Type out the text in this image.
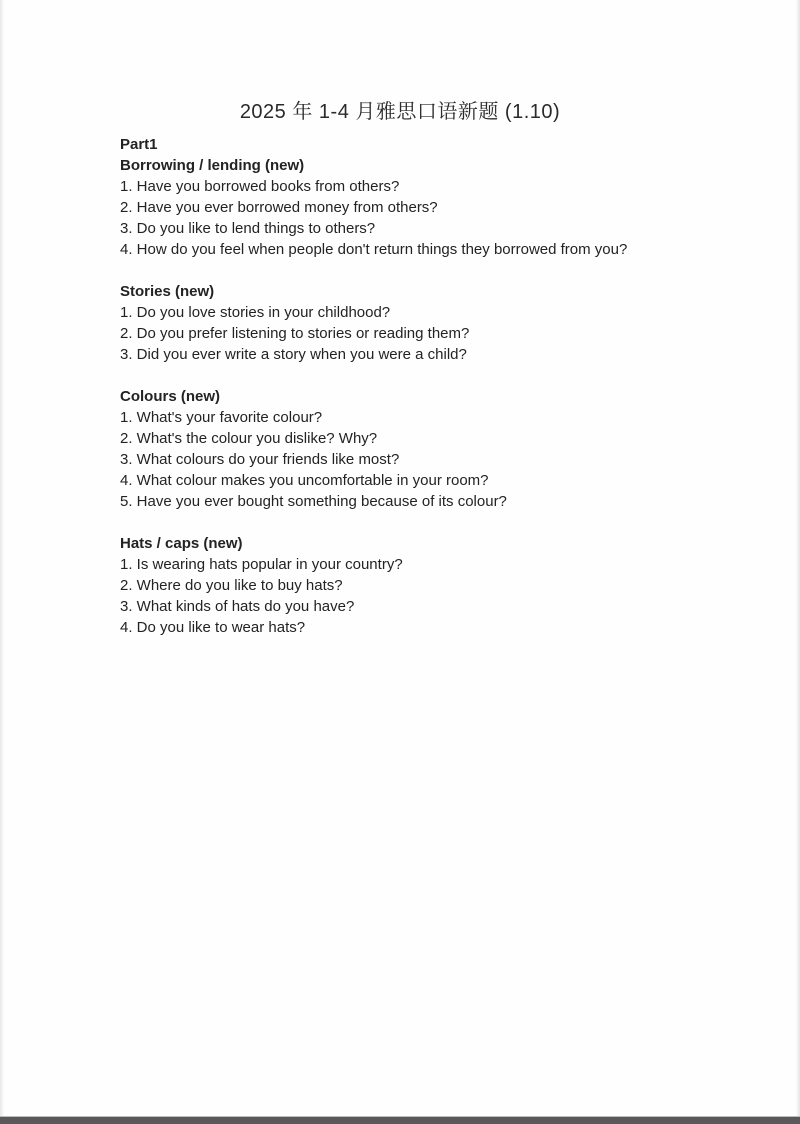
2025 年 1-4 月雅思口语新题 (1.10)
Part1
Borrowing / lending (new)
1. Have you borrowed books from others?
2. Have you ever borrowed money from others?
3. Do you like to lend things to others?
4. How do you feel when people don't return things they borrowed from you?
Stories (new)
1. Do you love stories in your childhood?
2. Do you prefer listening to stories or reading them?
3. Did you ever write a story when you were a child?
Colours (new)
1. What's your favorite colour?
2. What's the colour you dislike? Why?
3. What colours do your friends like most?
4. What colour makes you uncomfortable in your room?
5. Have you ever bought something because of its colour?
Hats / caps (new)
1. Is wearing hats popular in your country?
2. Where do you like to buy hats?
3. What kinds of hats do you have?
4. Do you like to wear hats?
